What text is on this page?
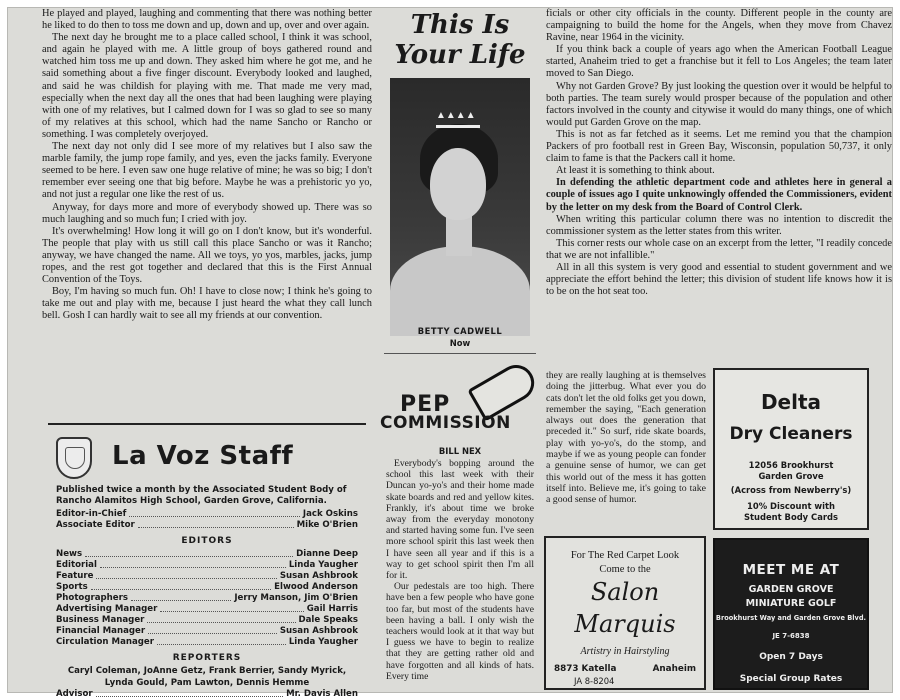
He played and played, laughing and commenting that there was nothing better he liked to do then to toss me down and up, down and up, over and over again.

The next day he brought me to a place called school, I think it was school, and again he played with me. A little group of boys gathered round and watched him toss me up and down. They asked him where he got me, and he said something about a five finger discount. Everybody looked and laughed, and said he was childish for playing with me. That made me very mad, especially when the next day all the ones that had been laughing were playing with one of my relatives, but I calmed down for I was so glad to see so many of my relatives at this school, which had the name Sancho or Rancho or something. I was completely overjoyed.

The next day not only did I see more of my relatives but I also saw the marble family, the jump rope family, and yes, even the jacks family. Everyone seemed to be here. I even saw one huge relative of mine; he was so big; I don't remember ever seeing one that big before. Maybe he was a prehistoric yo yo, and not just a regular one like the rest of us.

Anyway, for days more and more of everybody showed up. There was so much laughing and so much fun; I cried with joy.

It's overwhelming! How long it will go on I don't know, but it's wonderful. The people that play with us still call this place Sancho or was it Rancho; anyway, we have changed the name. All we toys, yo yos, marbles, jacks, jump ropes, and the rest got together and declared that this is the First Annual Convention of the Toys.

Boy, I'm having so much fun. Oh! I have to close now; I think he's going to take me out and play with me, because I just heard the what they call lunch bell. Gosh I can hardly wait to see all my friends at our convention.

La Voz Staff
Published twice a month by the Associated Student Body of Rancho Alamitos High School, Garden Grove, California.
Editor-in-Chief	Jack Oskins
Associate Editor	Mike O'Brien
EDITORS
News	Dianne Deep
Editorial	Linda Yaugher
Feature	Susan Ashbrook
Sports	Elwood Anderson
Photographers	Jerry Manson, Jim O'Brien
Advertising Manager	Gail Harris
Business Manager	Dale Speaks
Financial Manager	Susan Ashbrook
Circulation Manager	Linda Yaugher
REPORTERS
Caryl Coleman, JoAnne Getz, Frank Berrier, Sandy Myrick, Lynda Gould, Pam Lawton, Dennis Hemme
Advisor	Mr. Davis Allen
This Is Your Life
▲▲▲▲
BETTY CADWELL
Now
PEP
COMMISSION
BILL NEX

Everybody's bopping around the school this last week with their Duncan yo-yo's and their home made skate boards and red and yellow kites. Frankly, it's about time we broke away from the everyday monotony and started having some fun. I've seen more school spirit this last week then I have seen all year and if this is a way to get school spirit then I'm all for it.

Our pedestals are too high. There have ben a few people who have gone too far, but most of the students have been having a ball. I only wish the teachers would look at it that way but I guess we have to begin to realize that they are getting rather old and have forgotten and all kinds of hats. Every time

ficials or other city officials in the county. Different people in the county are campaigning to build the home for the Angels, when they move from Chavez Ravine, near 1964 in the vicinity.

If you think back a couple of years ago when the American Football League started, Anaheim tried to get a franchise but it fell to Los Angeles; the team later moved to San Diego.

Why not Garden Grove? By just looking the question over it would be helpful to both parties. The team surely would prosper because of the population and other factors involved in the county and citywise it would do many things, one of which would put Garden Grove on the map.

This is not as far fetched as it seems. Let me remind you that the champion Packers of pro football rest in Green Bay, Wisconsin, population 50,737, it only claim to fame is that the Packers call it home.

At least it is something to think about.

In defending the athletic department code and athletes here in general a couple of issues ago I quite unknowingly offended the Commissioners, evident by the letter on my desk from the Board of Control Clerk.

When writing this particular column there was no intention to discredit the commissioner system as the letter states from this writer.

This corner rests our whole case on an excerpt from the letter, "I readily concede that we are not infallible."

All in all this system is very good and essential to student government and we appreciate the effort behind the letter; this division of student life knows how it is to be on the hot seat too.

they are really laughing at is themselves doing the jitterbug. What ever you do cats don't let the old folks get you down, remember the saying, "Each generation always out does the generation that preceded it." So surf, ride skate boards, play with yo-yo's, do the stomp, and maybe if we as young people can fonder a genuine sense of humor, we can get this world out of the mess it has gotten itself into. Believe me, it's going to take a good sense of humor.

Delta
Dry Cleaners
12056 Brookhurst
Garden Grove
(Across from Newberry's)
10% Discount with
Student Body Cards
For The Red Carpet Look
Come to the
Salon
Marquis
Artistry in Hairstyling
8873 Katella	Anaheim
JA 8-8204
MEET ME AT
GARDEN GROVE
MINIATURE GOLF
Brookhurst Way and Garden Grove Blvd.
JE 7-6838
Open 7 Days
Special Group Rates
